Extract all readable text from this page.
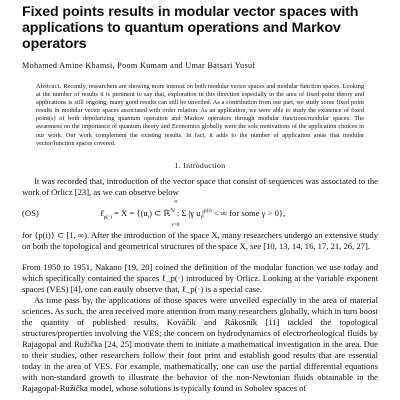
Fixed points results in modular vector spaces with applications to quantum operations and Markov operators
Mohamed Amine Khamsi, Poom Kumam and Umar Batsari Yusuf
Abstract. Recently, researchers are showing more interest on both modular vector spaces and modular function spaces. Looking at the number of results it is pertinent to say that, exploration in this direction especially in the area of fixed point theory and applications is still ongoing, many good results can still be unveiled. As a contribution from our part, we study some fixed point results in modular vector spaces associated with order relation. As an application, we were able to study the existence of fixed point(s) of both depolarizing quantum operation and Markov operators through modular functions/modular spaces. The awareness on the importance of quantum theory and Economics globally were the sole motivations of the application choices in our work. Our work complement the existing results. In fact, it adds to the number of application areas that modular vector/function spaces covered.
1. Introduction

It was recorded that, introduction of the vector space that consist of sequences was associated to the work of Orlicz [23], as we can observe below

(OS)	ℓ$_{p(\cdot)}$ = $X = \{(u_i)$ ⊂ ℝ$^ℕ$ : Σ |γ $u_i|^{p(i)}$ < ∞ for some γ > 0},
∞
i=0

for {p(i)} ⊂ [1, ∞). After the introduction of the space X, many researchers undergo an extensive study on both the topological and geometrical structures of the space X, see [10, 13, 14, 16, 17, 21, 26, 27].

From 1950 to 1951, Nakano [19, 20] coined the definition of the modular function we use today and which specifically contained the spaces ℓ_p(·) introduced by Orlicz. Looking at the variable exponent spaces (VES) [4], one can easily observe that, ℓ_p(·) is a special case.

As time pass by, the applications of those spaces were unveiled especially in the area of material sciences. As such, the area received more attention from many researchers globally, which in turn boost the quantity of published results. Kováčik and Rákosník [11] tackled the topological structures/properties involving the VES; the concern on hydrodynamics of electrorheological fluids by Rajagopal and Ružička [24, 25] motivate them to initiate a mathematical investigation in the area. Due to their studies, other researchers follow their foot print and establish good results that are essential today in the area of VES. For example, mathematically, one can use the partial differential equations with non-standard growth to illustrate the behavior of the non-Newtonian fluids obtainable in the Rajagopal-Ružička model, whose solutions is typically found in Sobolev spaces of
